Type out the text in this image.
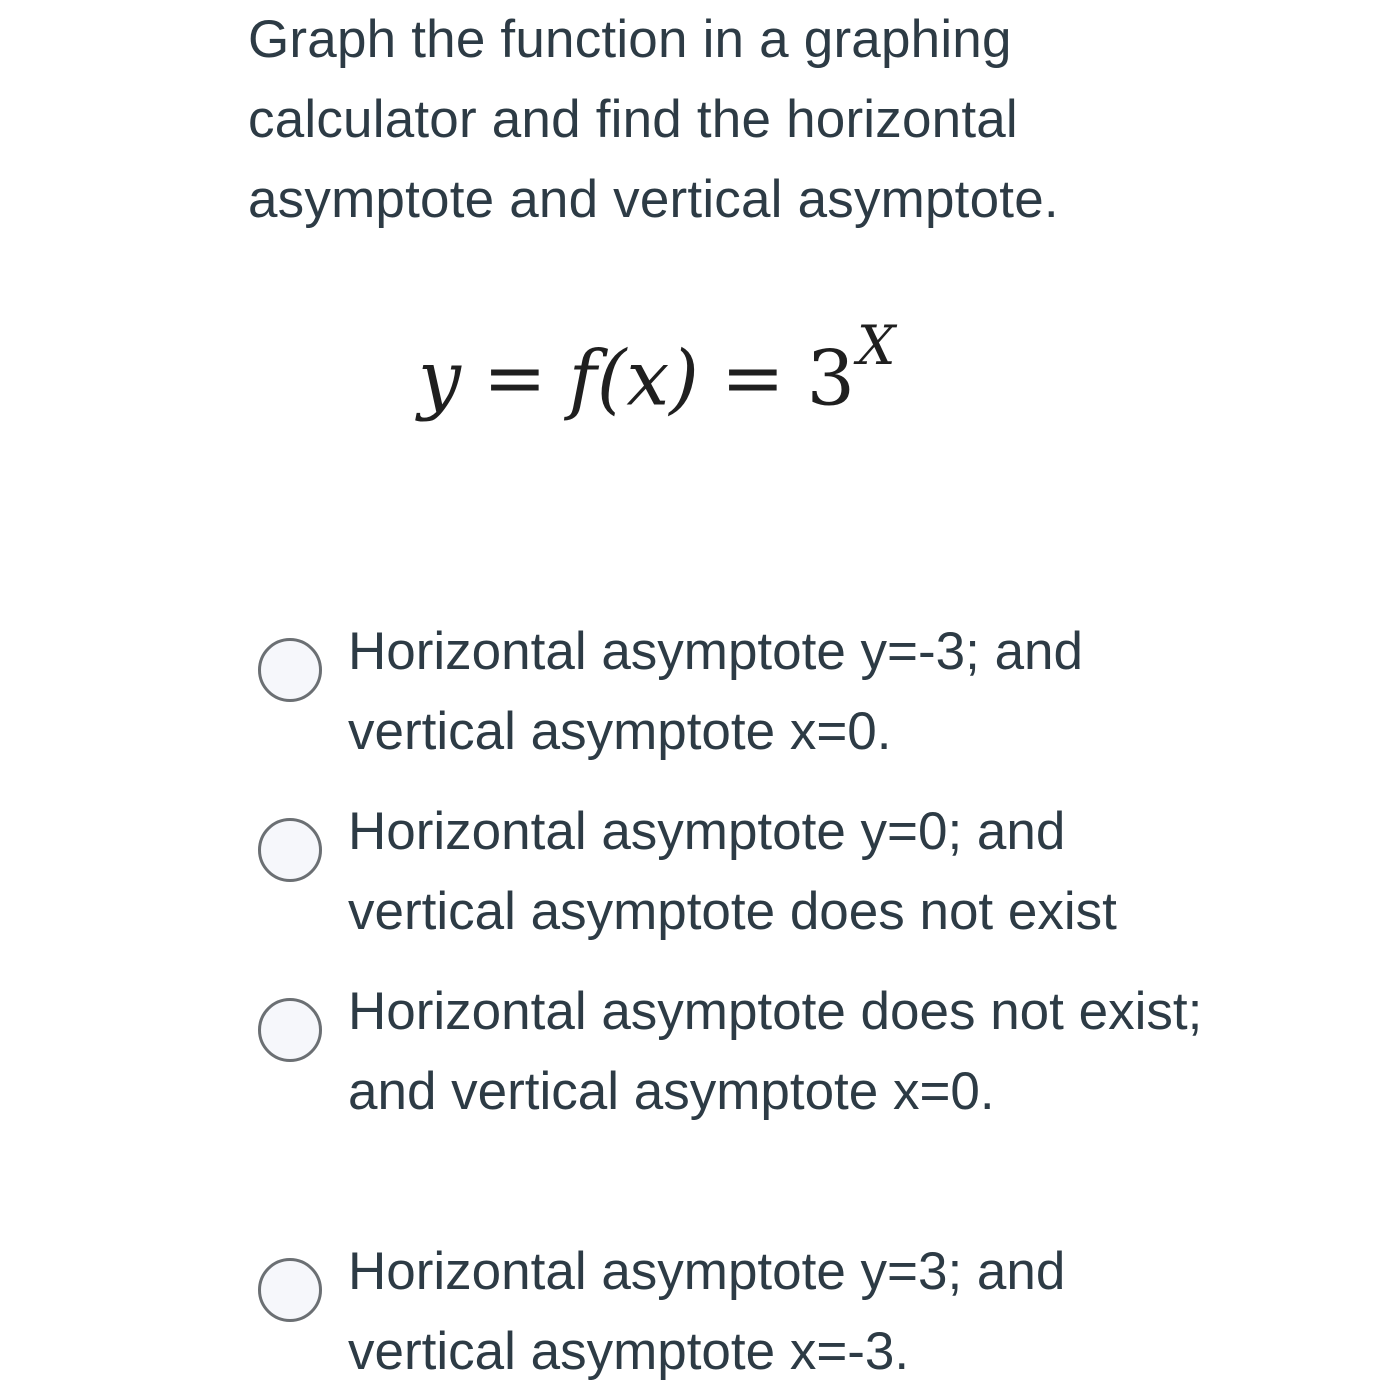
Graph the function in a graphing
calculator and find the horizontal
asymptote and vertical asymptote.
$y = f(x) = 3^X$
Horizontal asymptote y=-3; and vertical asymptote x=0.
Horizontal asymptote y=0; and vertical asymptote does not exist
Horizontal asymptote does not exist; and vertical asymptote x=0.
Horizontal asymptote y=3; and vertical asymptote x=-3.
